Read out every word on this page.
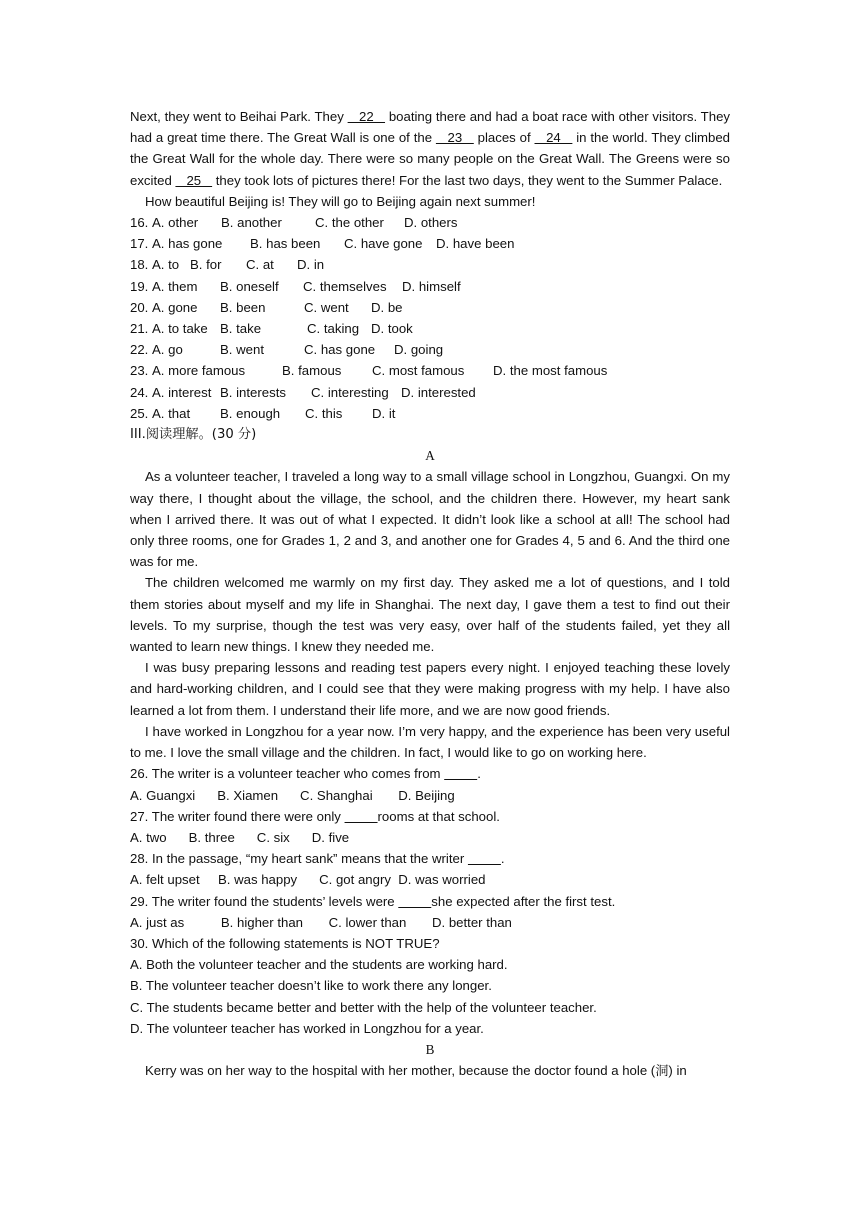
Next, they went to Beihai Park. They    22    boating there and had a boat race with other visitors. They had a great time there. The Great Wall is one of the    23    places of    24    in the world. They climbed the Great Wall for the whole day. There were so many people on the Great Wall. The Greens were so excited    25    they took lots of pictures there! For the last two days, they went to the Summer Palace.
How beautiful Beijing is! They will go to Beijing again next summer!
16. A. other B. another	C. the other D. others
17. A. has gone B. has been C. have gone D. have been
18. A. to B. for C. at D. in
19. A. them B. oneself C. themselves D. himself
20. A. gone B. been	C. went D. be
21. A. to take B. take	C. taking D. took
22. A. go	B. went	C. has gone D. going
23. A. more famous	B. famous C. most famous D. the most famous
24. A. interest B. interests C. interesting D. interested
25. A. that B. enough C. this D. it
III.阅读理解。(30 分)
A
As a volunteer teacher, I traveled a long way to a small village school in Longzhou, Guangxi. On my way there, I thought about the village, the school, and the children there. However, my heart sank when I arrived there. It was out of what I expected. It didn’t look like a school at all! The school had only three rooms, one for Grades 1, 2 and 3, and another one for Grades 4, 5 and 6. And the third one was for me.
The children welcomed me warmly on my first day. They asked me a lot of questions, and I told them stories about myself and my life in Shanghai. The next day, I gave them a test to find out their levels. To my surprise, though the test was very easy, over half of the students failed, yet they all wanted to learn new things. I knew they needed me.
I was busy preparing lessons and reading test papers every night. I enjoyed teaching these lovely and hard-working children, and I could see that they were making progress with my help. I have also learned a lot from them. I understand their life more, and we are now good friends.
I have worked in Longzhou for a year now. I’m very happy, and the experience has been very useful to me. I love the small village and the children. In fact, I would like to go on working here.
26. The writer is a volunteer teacher who comes from          .
A. Guangxi      B. Xiamen      C. Shanghai       D. Beijing
27. The writer found there were only          rooms at that school.
A. two      B. three      C. six      D. five
28. In the passage, “my heart sank” means that the writer          .
A. felt upset     B. was happy      C. got angry  D. was worried
29. The writer found the students’ levels were          she expected after the first test.
A. just as          B. higher than       C. lower than       D. better than
30. Which of the following statements is NOT TRUE?
A. Both the volunteer teacher and the students are working hard.
B. The volunteer teacher doesn’t like to work there any longer.
C. The students became better and better with the help of the volunteer teacher.
D. The volunteer teacher has worked in Longzhou for a year.
B
Kerry was on her way to the hospital with her mother, because the doctor found a hole (洞) in
